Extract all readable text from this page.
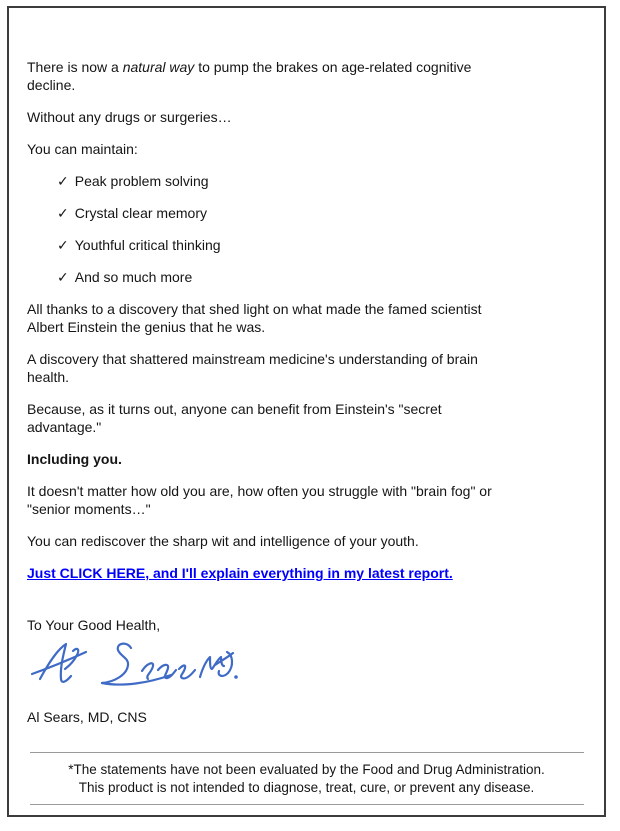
There is now a natural way to pump the brakes on age-related cognitive
decline.

Without any drugs or surgeries…

You can maintain:

✓ Peak problem solving
✓ Crystal clear memory
✓ Youthful critical thinking
✓ And so much more

All thanks to a discovery that shed light on what made the famed scientist
Albert Einstein the genius that he was.

A discovery that shattered mainstream medicine's understanding of brain
health.

Because, as it turns out, anyone can benefit from Einstein's "secret
advantage."

Including you.

It doesn't matter how old you are, how often you struggle with "brain fog" or
"senior moments…"

You can rediscover the sharp wit and intelligence of your youth.

Just CLICK HERE, and I'll explain everything in my latest report.

To Your Good Health,

Al Sears, MD, CNS

*The statements have not been evaluated by the Food and Drug Administration.
This product is not intended to diagnose, treat, cure, or prevent any disease.
